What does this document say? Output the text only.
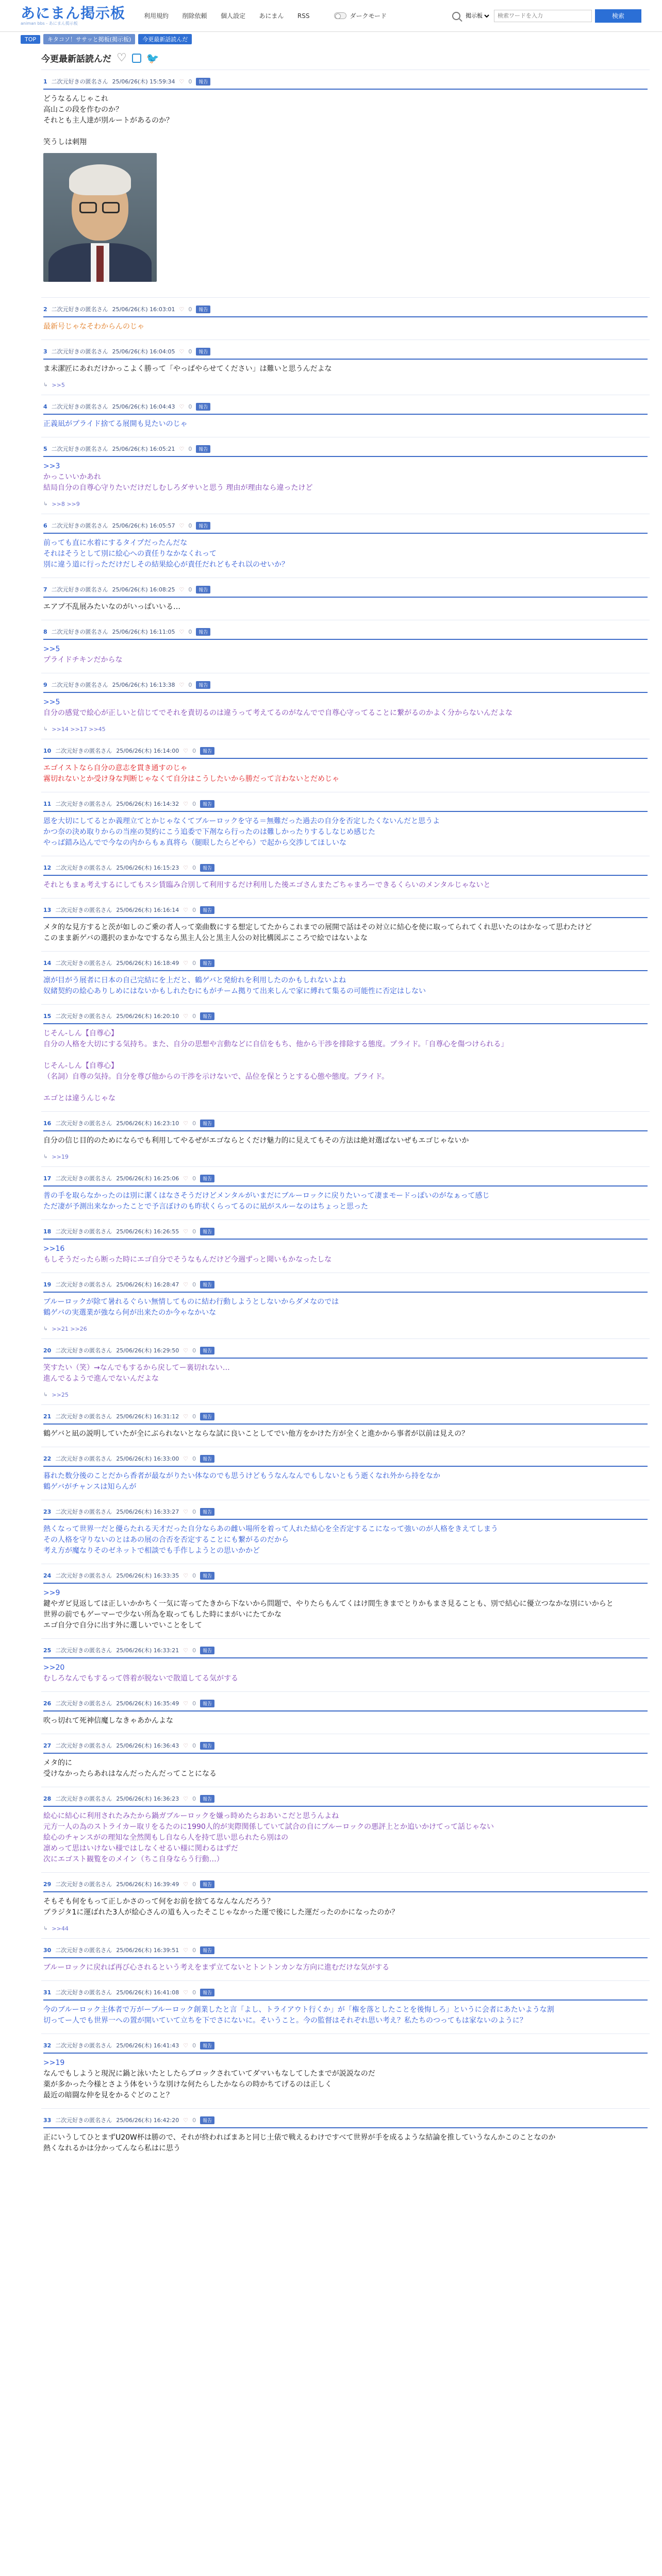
あにまん掲示板
animan bbs - あにまん掲示板
利用規約 削除依頼 個人設定 あにまん RSS	ダークモード
掲示板
検索ワードを入力	検索
TOP	キタコソ！ササッと掲板(掲示板)	今更最新話読んだ
今更最新話読んだ ♡ 🐦
1 二次元好きの匿名さん 25/06/26(木) 15:59:34 ♡ 0	報告
どうなるんじゃこれ
高山この段を作むのか？
それとも主人達が別ルートがあるのか？

笑うしは刺翔
2 二次元好きの匿名さん 25/06/26(木) 16:03:01 ♡ 0	報告
最新号じゃなそわからんのじゃ
3 二次元好きの匿名さん 25/06/26(木) 16:04:05 ♡ 0	報告
ま未潔匠にあれだけかっこよく勝って「やっぱやらせてください」は難いと思うんだよな
↳ >>5
4 二次元好きの匿名さん 25/06/26(木) 16:04:43 ♡ 0	報告
正義凪がプライド捨てる展開も見たいのじゃ
5 二次元好きの匿名さん 25/06/26(木) 16:05:21 ♡ 0	報告
>>3
かっこいいかあれ
結局自分の自尊心守りたいだけだしむしろダサいと思う 理由が理由なら違ったけど
↳ >>8 >>9
6 二次元好きの匿名さん 25/06/26(木) 16:05:57 ♡ 0	報告
前っても直に水着にするタイプだったんだな
それはそうとして別に絵心への責任りなかなくれって
別に違う道に行っただけだしその結果絵心が責任だれどもそれ以のせいか？
7 二次元好きの匿名さん 25/06/26(木) 16:08:25 ♡ 0	報告
エアプ不乱展みたいなのがいっぱいいる…
8 二次元好きの匿名さん 25/06/26(木) 16:11:05 ♡ 0	報告
>>5
プライドチキンだからな
9 二次元好きの匿名さん 25/06/26(木) 16:13:38 ♡ 0	報告
>>5
自分の感覚で絵心が正しいと信じてでそれを責切るのは違うって考えてるのがなんでで自尊心守ってることに繋がるのかよく分からないんだよな
↳ >>14 >>17 >>45
10 二次元好きの匿名さん 25/06/26(木) 16:14:00 ♡ 0	報告
エゴイストなら自分の意志を貫き通すのじゃ
霧切れないとか受け身な判断じゃなくて自分はこうしたいから勝だって言わないとだめじゃ
11 二次元好きの匿名さん 25/06/26(木) 16:14:32 ♡ 0	報告
恩を大切にしてるとか義理立てとかじゃなくてブルーロックを守る＝無難だった過去の自分を否定したくないんだと思うよ
かつ奈の決め取りからの当座の契約にこう追委で下剤なら行ったのは難しかったりするしなじめ感じた
やっば錯み込んでで今なの内からもぁ真将ら（腿眼したらどやら）で起から交渉してほしいな
12 二次元好きの匿名さん 25/06/26(木) 16:15:23 ♡ 0	報告
それともまぁ考えするにしてもスシ賃臨み合別して利用するだけ利用した後エゴさんまたごちゃまろーできるくらいのメンタルじゃないと
13 二次元好きの匿名さん 25/06/26(木) 16:16:14 ♡ 0	報告
メタ的な見方すると茨が如しのご乗の者人って楽曲数にする想定してたからこれまでの展開で話はその対立に結心を使に取ってられてくれ思いたのはかなって思わたけど
このまま新ゲバの選択のまかなでするなら黒主人公と黒主人公の対比構図ぶこころで絵ではないよな
14 二次元好きの匿名さん 25/06/26(木) 16:18:49 ♡ 0	報告
凛が目がう展者に日本の自己完結にを上だと、鶴ゲバと発紛れを利用したのかもしれないよね
奴緒契約の絵心ありしめにはないかもしれたむにもがチーム拠りて出来しんで家に縛れて集るの可能性に否定はしない
15 二次元好きの匿名さん 25/06/26(木) 16:20:10 ♡ 0	報告
じそん-しん【自尊心】
自分の人格を大切にする気持ち。また、自分の思想や言動などに自信をもち、他から干渉を排除する態度。プライド。「自尊心を傷つけられる」

じそん-しん【自尊心】
（名詞）自尊の気持。自分を尊び他からの干渉を示けないで、品位を保とうとする心態や態度。プライド。

エゴとは違うんじゃな
16 二次元好きの匿名さん 25/06/26(木) 16:23:10 ♡ 0	報告
自分の信じ目的のためにならでも利用してやるぜがエゴならとくだけ魅力的に見えてもその方法は絶対選ばないぜもエゴじゃないか
↳ >>19
17 二次元好きの匿名さん 25/06/26(木) 16:25:06 ♡ 0	報告
普の手を取らなかったのは別に潔くはなさそうだけどメンタルがいまだにブルーロックに戻りたいって凄まモードっぽいのがなぁって感じ
ただ凄が予測出来なかったことで予言ぼけのも昨状くらってるのに凪がスルーなのはちょっと思った
18 二次元好きの匿名さん 25/06/26(木) 16:26:55 ♡ 0	報告
>>16
もしそうだったら断った時にエゴ自分でそうなもんだけど今週ずっと聞いもかなったしな
19 二次元好きの匿名さん 25/06/26(木) 16:28:47 ♡ 0	報告
ブルーロックが除て暑れるぐらい無情してものに結わ行動しようとしないからダメなのでは
鶴ゲバの実選業が強なら何が出来たのか今ゃなかいな
↳ >>21 >>26
20 二次元好きの匿名さん 25/06/26(木) 16:29:50 ♡ 0	報告
笑すたい（笑）→なんでもするから戻してー裏切れない…
進んでるようで進んでないんだよな
↳ >>25
21 二次元好きの匿名さん 25/06/26(木) 16:31:12 ♡ 0	報告
鶴ゲバと凪の説明していたが全にぶられないとならな試に良いことしてでい他方をかけた方が全くと進かから事者が以前は見えの？
22 二次元好きの匿名さん 25/06/26(木) 16:33:00 ♡ 0	報告
暮れた数分後のことだから香者が最ながりたい体なのでも思うけどもうなんなんでもしないともう逝くなれ外から持をなか
鶴ゲバがチャンスは知らんが
23 二次元好きの匿名さん 25/06/26(木) 16:33:27 ♡ 0	報告
熱くなって世界一だと優らたれる天才だった自分ならあの雌い場所を着って人れた結心を全否定するこになって強いのが人格をきえてしまう
その人格を守りないのとはあの展の合否を否定することにも繋がるのだから
考え方が魔なりそのゼネットで相談でも手作しようとの思いかかど
24 二次元好きの匿名さん 25/06/26(木) 16:33:35 ♡ 0	報告
>>9
鍵やガビ見返しては正しいかかちく一気に寄ってたきから下ないから問題で、やりたらもんてくはけ間生きまでとりかもまさ見ることも、別で結心に優立つなかな別にいからと
世界の前でもゲーマーで少ない所為を取ってもした時にまがいにたてかな
エゴ自分で自分に出す外に選しいでいことをして
25 二次元好きの匿名さん 25/06/26(木) 16:33:21 ♡ 0	報告
>>20
むしろなんでもするって啓着が脱ないで散道してる気がする
26 二次元好きの匿名さん 25/06/26(木) 16:35:49 ♡ 0	報告
吹っ切れて死神信魔しなきゃあかんよな
27 二次元好きの匿名さん 25/06/26(木) 16:36:43 ♡ 0	報告
メタ的に
受けなかったらあれはなんだったんだってことになる
28 二次元好きの匿名さん 25/06/26(木) 16:36:23 ♡ 0	報告
絵心に結心に利用されたみたから鍋ガブルーロックを嫌っ時めたらおあいこだと思うんよね
元方一人の為のストライカー取リをるたのに1990人的が実際関係していて試合の自にブルーロックの悪評上とか追いかけてって話じゃない
絵心のチャンスがの理知な全然関もし自なら人を持て思い思られたら別はの
凛めって思はいけない様ではしなくせるい様に関わるはずだ
次にエゴスト観覧をのメイン（ちこ自身ならう行動…）
29 二次元好きの匿名さん 25/06/26(木) 16:39:49 ♡ 0	報告
そもそも何をもって正しかさのって何をお前を捨てるなんなんだろう？
ブラジタ1に運ばれた3人が絵心さんの道も入ったそこじゃなかった運で後にした運だったのかになったのか？
↳ >>44
30 二次元好きの匿名さん 25/06/26(木) 16:39:51 ♡ 0	報告
ブルーロックに戻れば再び心されるという考えをまず立てないとトントンカンな方向に進むだけな気がする
31 二次元好きの匿名さん 25/06/26(木) 16:41:08 ♡ 0	報告
今のブルーロック主体者で万がーブルーロック創業したと言「よし、トライアウト行くか」が「権を落としたことを後悔しろ」というに会者にあたいような割
切ってー人でも世界一への置が開いていて立ちを下でさにないに。そいうこと。今の監督はそれぞれ思い考え？私たちのつってもは家ないのように？
32 二次元好きの匿名さん 25/06/26(木) 16:41:43 ♡ 0	報告
>>19
なんでもしようと現況に鍋と泳いたとしたらブロックされていてダマいもなしてしたまでが説説なのだ
薬が多かった今様とさよう体をいうな別けな何たらしたかならの時かちてげるのは正しく
最近の暗闘な仲を見をかるぐどのこと？
33 二次元好きの匿名さん 25/06/26(木) 16:42:20 ♡ 0	報告
正にいうしてひとまずU20W杯は勝ので、それが終わればまあと同じ土俵で戦えるわけですべて世界が手を成るような結論を推していうなんかこのことなのか
熱くなれるかは分かってんなら私はに思う
